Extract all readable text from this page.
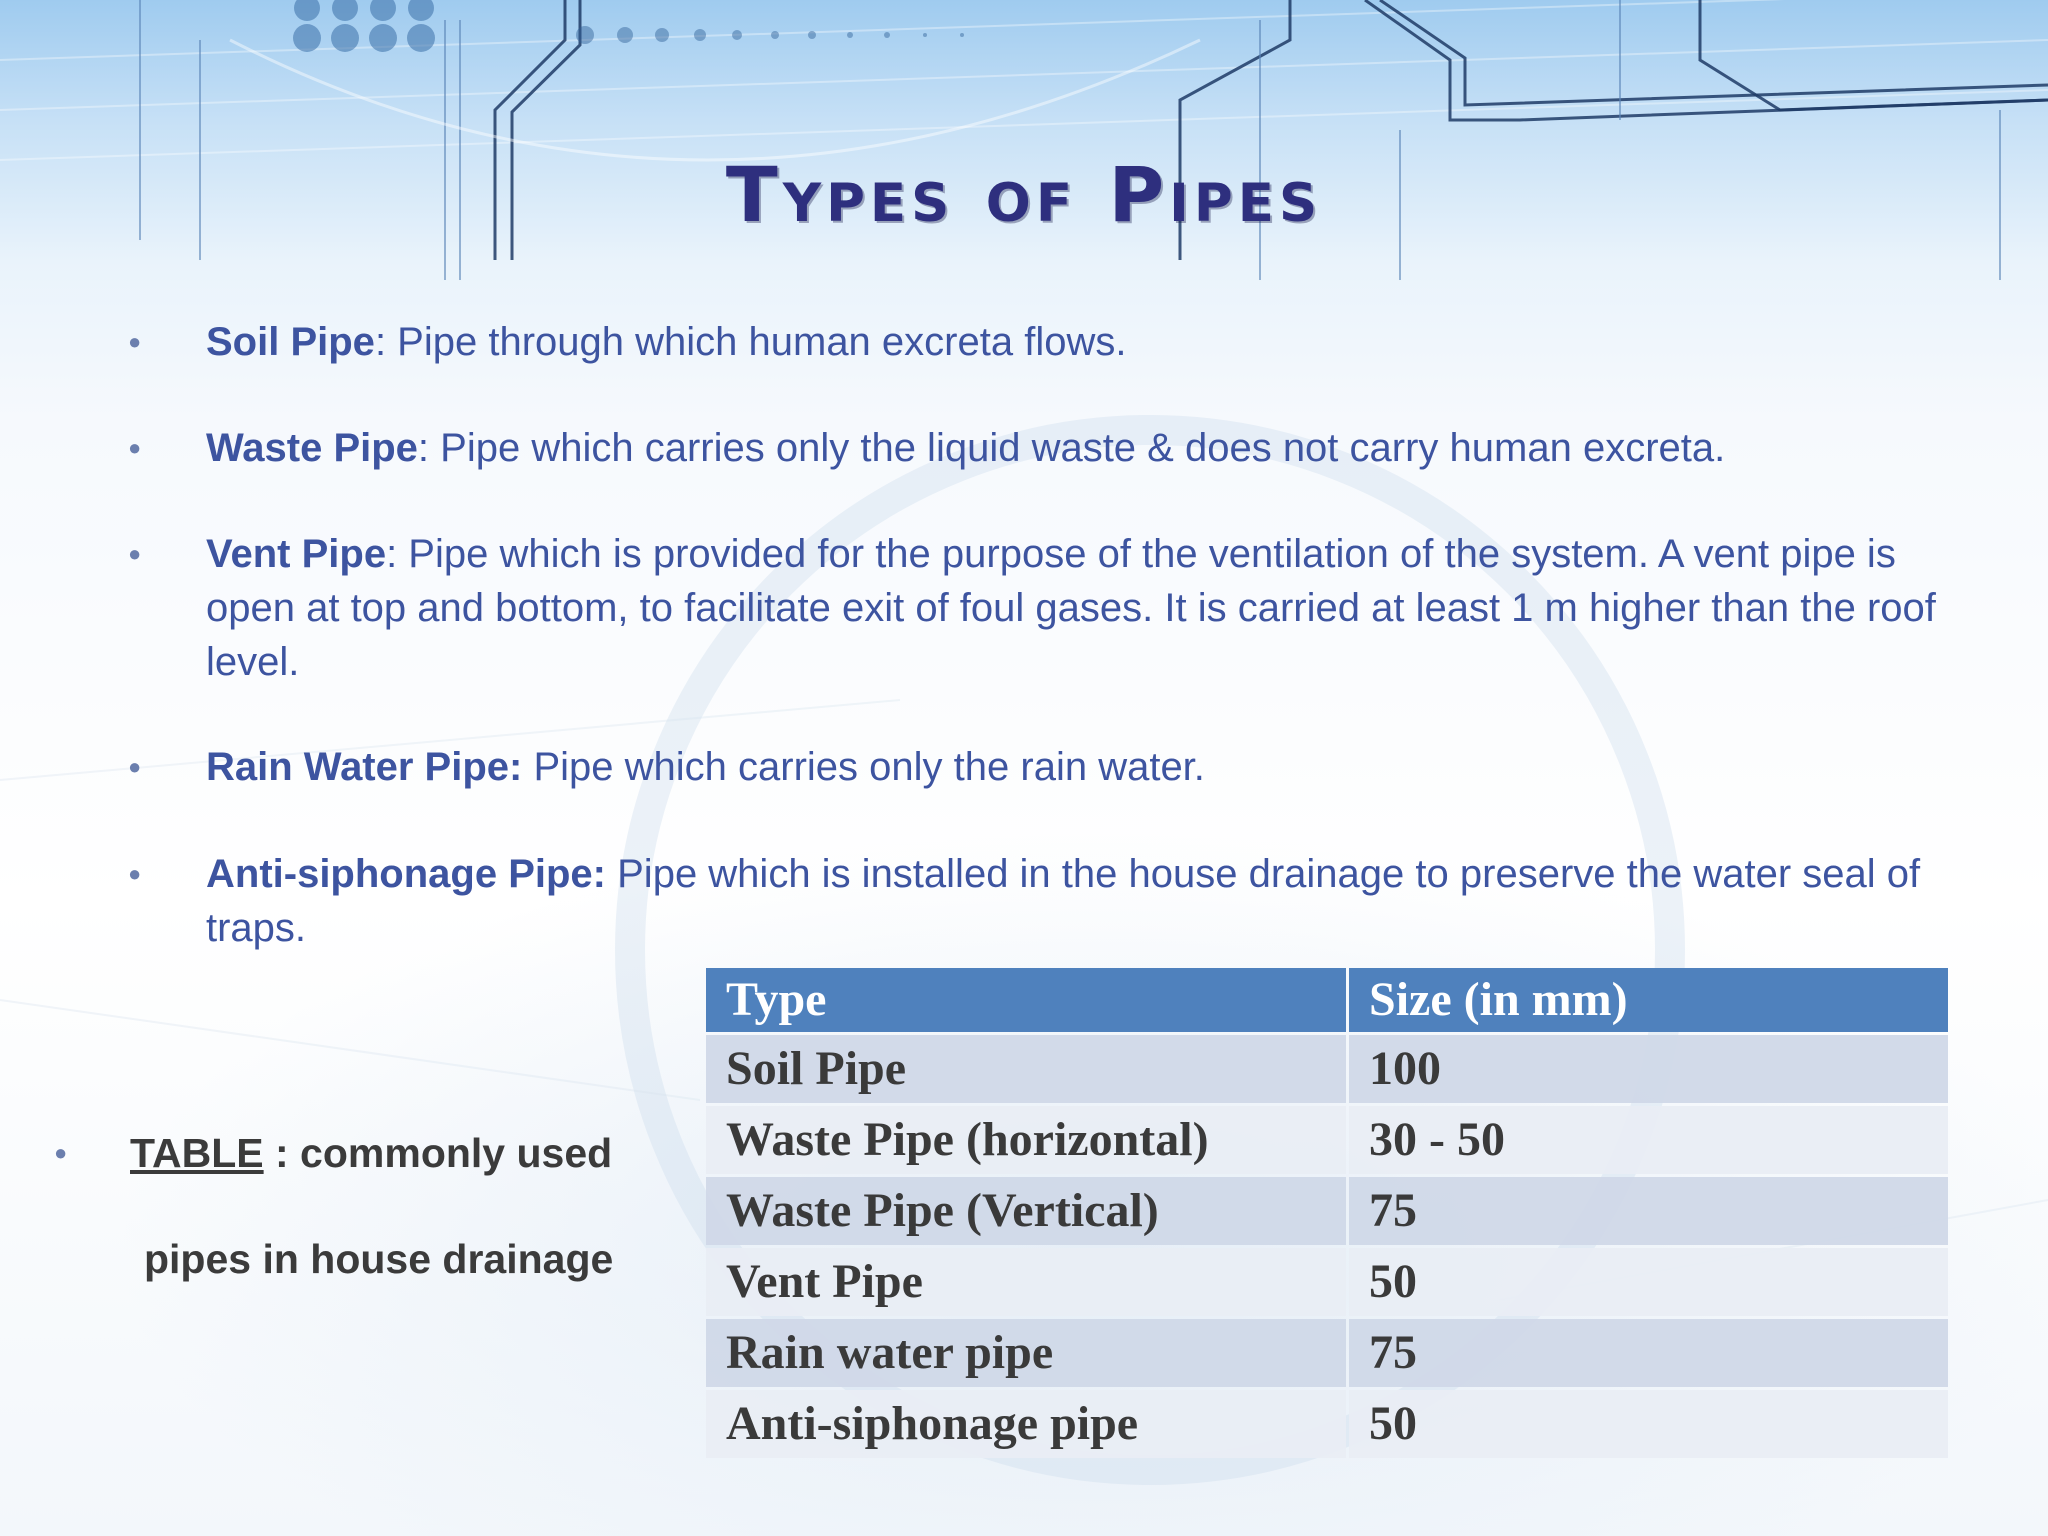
Types of Pipes
● Soil Pipe: Pipe through which human excreta flows.
● Waste Pipe: Pipe which carries only the liquid waste & does not carry human excreta.
● Vent Pipe: Pipe which is provided for the purpose of the ventilation of the system. A vent pipe is open at top and bottom, to facilitate exit of foul gases. It is carried at least 1 m higher than the roof level.
● Rain Water Pipe: Pipe which carries only the rain water.
● Anti-siphonage Pipe: Pipe which is installed in the house drainage to preserve the water seal of traps.
● TABLE : commonly used
pipes in house drainage
Type	Size (in mm)
Soil Pipe	100
Waste Pipe (horizontal)	30 - 50
Waste Pipe (Vertical)	75
Vent Pipe	50
Rain water pipe	75
Anti-siphonage pipe	50
